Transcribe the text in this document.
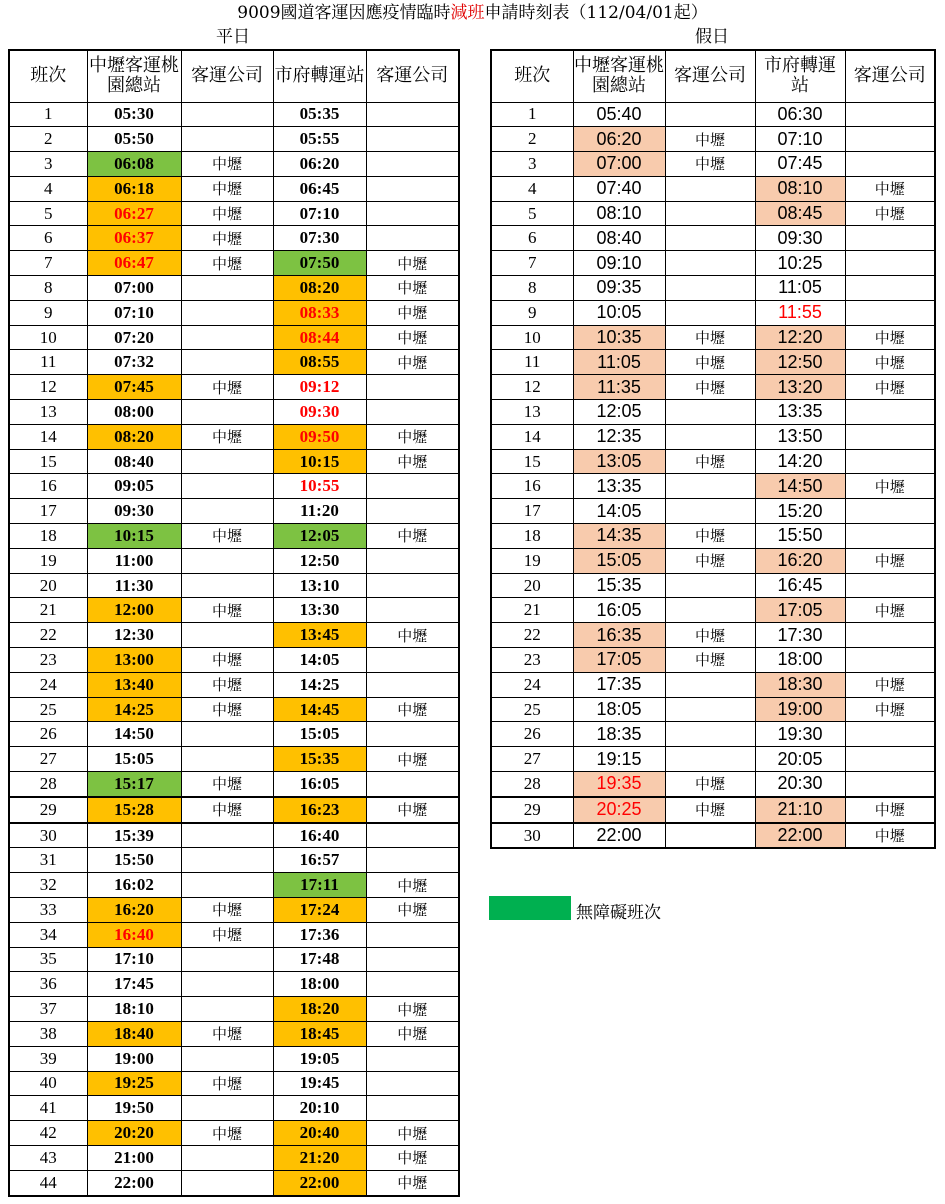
9009國道客運因應疫情臨時減班申請時刻表（112/04/01起）
平日	假日
班次	中壢客運桃園總站	客運公司	市府轉運站	客運公司
1	05:30		05:35	
2	05:50		05:55	
3	06:08	中壢	06:20	
4	06:18	中壢	06:45	
5	06:27	中壢	07:10	
6	06:37	中壢	07:30	
7	06:47	中壢	07:50	中壢
8	07:00		08:20	中壢
9	07:10		08:33	中壢
10	07:20		08:44	中壢
11	07:32		08:55	中壢
12	07:45	中壢	09:12	
13	08:00		09:30	
14	08:20	中壢	09:50	中壢
15	08:40		10:15	中壢
16	09:05		10:55	
17	09:30		11:20	
18	10:15	中壢	12:05	中壢
19	11:00		12:50	
20	11:30		13:10	
21	12:00	中壢	13:30	
22	12:30		13:45	中壢
23	13:00	中壢	14:05	
24	13:40	中壢	14:25	
25	14:25	中壢	14:45	中壢
26	14:50		15:05	
27	15:05		15:35	中壢
28	15:17	中壢	16:05	
29	15:28	中壢	16:23	中壢
30	15:39		16:40	
31	15:50		16:57	
32	16:02		17:11	中壢
33	16:20	中壢	17:24	中壢
34	16:40	中壢	17:36	
35	17:10		17:48	
36	17:45		18:00	
37	18:10		18:20	中壢
38	18:40	中壢	18:45	中壢
39	19:00		19:05	
40	19:25	中壢	19:45	
41	19:50		20:10	
42	20:20	中壢	20:40	中壢
43	21:00		21:20	中壢
44	22:00		22:00	中壢
班次	中壢客運桃園總站	客運公司	市府轉運站	客運公司
1	05:40		06:30	
2	06:20	中壢	07:10	
3	07:00	中壢	07:45	
4	07:40		08:10	中壢
5	08:10		08:45	中壢
6	08:40		09:30	
7	09:10		10:25	
8	09:35		11:05	
9	10:05		11:55	
10	10:35	中壢	12:20	中壢
11	11:05	中壢	12:50	中壢
12	11:35	中壢	13:20	中壢
13	12:05		13:35	
14	12:35		13:50	
15	13:05	中壢	14:20	
16	13:35		14:50	中壢
17	14:05		15:20	
18	14:35	中壢	15:50	
19	15:05	中壢	16:20	中壢
20	15:35		16:45	
21	16:05		17:05	中壢
22	16:35	中壢	17:30	
23	17:05	中壢	18:00	
24	17:35		18:30	中壢
25	18:05		19:00	中壢
26	18:35		19:30	
27	19:15		20:05	
28	19:35	中壢	20:30	
29	20:25	中壢	21:10	中壢
30	22:00		22:00	中壢
無障礙班次
